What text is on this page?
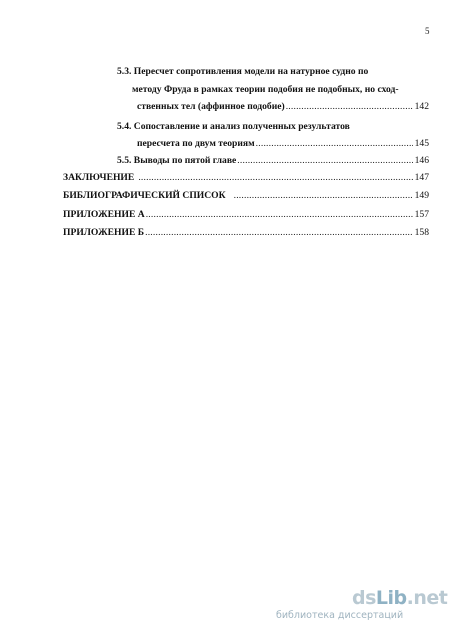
5
5.3. Пересчет сопротивления модели на натурное судно по
методу Фруда в рамках теории подобия не подобных, но сход-
ственных тел (аффинное подобие) .....	142
5.4. Сопоставление и анализ полученных результатов
пересчета по двум теориям .....	145
5.5. Выводы по пятой главе .....	146
ЗАКЛЮЧЕНИЕ .....	147
БИБЛИОГРАФИЧЕСКИЙ СПИСОК .....	149
ПРИЛОЖЕНИЕ А .....	157
ПРИЛОЖЕНИЕ Б .....	158
dsLib.net
библиотека диссертаций
